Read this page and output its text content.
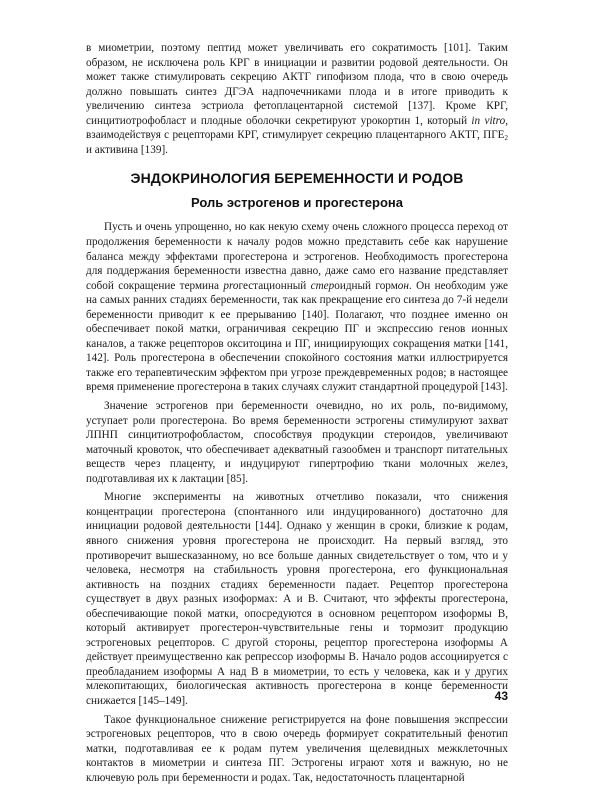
в миометрии, поэтому пептид может увеличивать его сократимость [101]. Таким образом, не исключена роль КРГ в инициации и развитии родовой деятельности. Он может также стимулировать секрецию АКТГ гипофизом плода, что в свою очередь должно повышать синтез ДГЭА надпочечниками плода и в итоге приводить к увеличению синтеза эстриола фетоплацентарной системой [137]. Кроме КРГ, синцитиотрофобласт и плодные оболочки секретируют урокортин 1, который in vitro, взаимодействуя с рецепторами КРГ, стимулирует секрецию плацентарного АКТГ, $ПГЕ_2$ и активина [139].

ЭНДОКРИНОЛОГИЯ БЕРЕМЕННОСТИ И РОДОВ
Роль эстрогенов и прогестерона

Пусть и очень упрощенно, но как некую схему очень сложного процесса переход от продолжения беременности к началу родов можно представить себе как нарушение баланса между эффектами прогестерона и эстрогенов. Необходимость прогестерона для поддержания беременности известна давно, даже само его название представляет собой сокращение термина proгестационный стероидный гормон. Он необходим уже на самых ранних стадиях беременности, так как прекращение его синтеза до 7-й недели беременности приводит к ее прерыванию [140]. Полагают, что позднее именно он обеспечивает покой матки, ограничивая секрецию ПГ и экспрессию генов ионных каналов, а также рецепторов окситоцина и ПГ, инициирующих сокращения матки [141, 142]. Роль прогестерона в обеспечении спокойного состояния матки иллюстрируется также его терапевтическим эффектом при угрозе преждевременных родов; в настоящее время применение прогестерона в таких случаях служит стандартной процедурой [143].

Значение эстрогенов при беременности очевидно, но их роль, по-видимому, уступает роли прогестерона. Во время беременности эстрогены стимулируют захват ЛПНП синцитиотрофобластом, способствуя продукции стероидов, увеличивают маточный кровоток, что обеспечивает адекватный газообмен и транспорт питательных веществ через плаценту, и индуцируют гипертрофию ткани молочных желез, подготавливая их к лактации [85].

Многие эксперименты на животных отчетливо показали, что снижения концентрации прогестерона (спонтанного или индуцированного) достаточно для инициации родовой деятельности [144]. Однако у женщин в сроки, близкие к родам, явного снижения уровня прогестерона не происходит. На первый взгляд, это противоречит вышесказанному, но все больше данных свидетельствует о том, что и у человека, несмотря на стабильность уровня прогестерона, его функциональная активность на поздних стадиях беременности падает. Рецептор прогестерона существует в двух разных изоформах: А и В. Считают, что эффекты прогестерона, обеспечивающие покой матки, опосредуются в основном рецептором изоформы В, который активирует прогестерон-чувствительные гены и тормозит продукцию эстрогеновых рецепторов. С другой стороны, рецептор прогестерона изоформы А действует преимущественно как репрессор изоформы В. Начало родов ассоциируется с преобладанием изоформы А над В в миометрии, то есть у человека, как и у других млекопитающих, биологическая активность прогестерона в конце беременности снижается [145–149].

Такое функциональное снижение регистрируется на фоне повышения экспрессии эстрогеновых рецепторов, что в свою очередь формирует сократительный фенотип матки, подготавливая ее к родам путем увеличения щелевидных межклеточных контактов в миометрии и синтеза ПГ. Эстрогены играют хотя и важную, но не ключевую роль при беременности и родах. Так, недостаточность плацентарной

43
